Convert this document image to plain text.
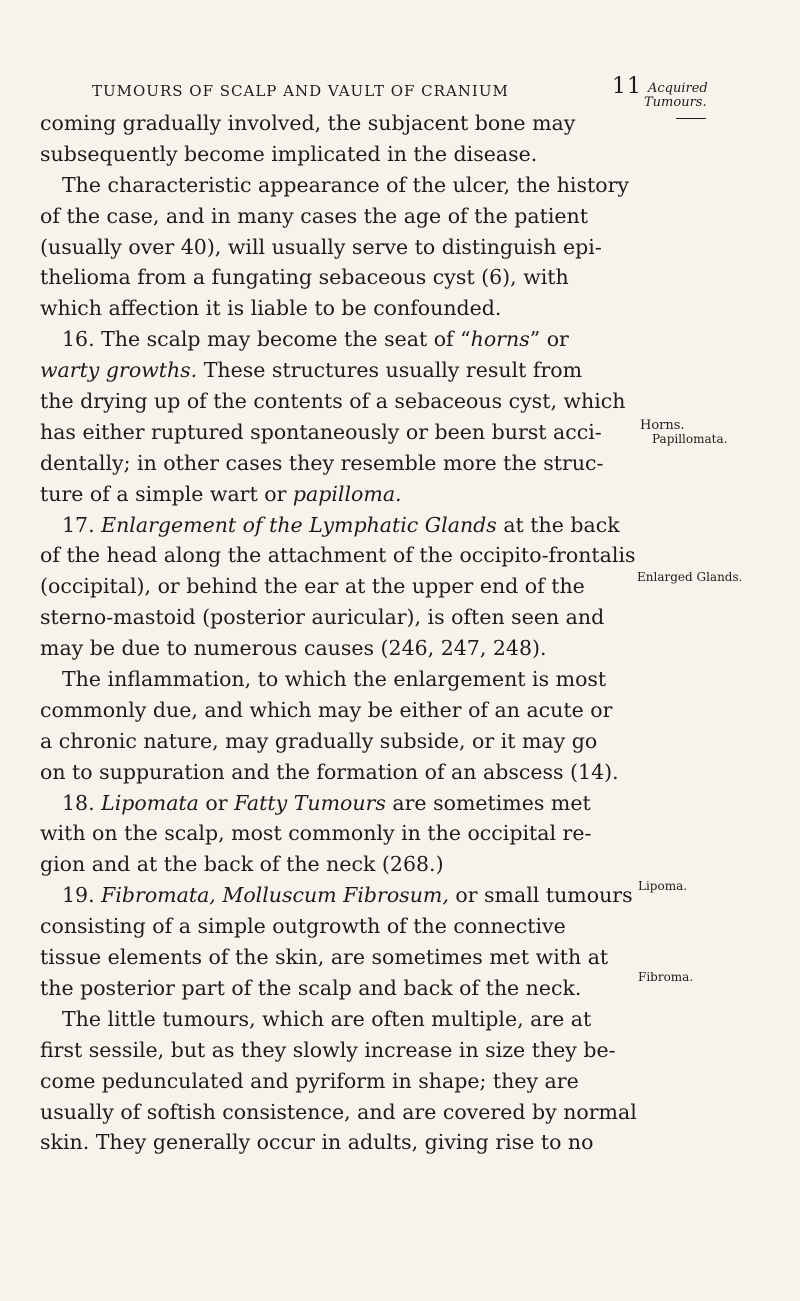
TUMOURS OF SCALP AND VAULT OF CRANIUM	11 Acquired
Tumours.
Horns.
Papillomata.
Enlarged Glands.
Lipoma.
Fibroma.
coming gradually involved, the subjacent bone may
subsequently become implicated in the disease.
The characteristic appearance of the ulcer, the history
of the case, and in many cases the age of the patient
(usually over 40), will usually serve to distinguish epi-
thelioma from a fungating sebaceous cyst (6), with
which affection it is liable to be confounded.
16. The scalp may become the seat of “horns” or
warty growths. These structures usually result from
the drying up of the contents of a sebaceous cyst, which
has either ruptured spontaneously or been burst acci-
dentally; in other cases they resemble more the struc-
ture of a simple wart or papilloma.
17. Enlargement of the Lymphatic Glands at the back
of the head along the attachment of the occipito-frontalis
(occipital), or behind the ear at the upper end of the
sterno-mastoid (posterior auricular), is often seen and
may be due to numerous causes (246, 247, 248).
The inflammation, to which the enlargement is most
commonly due, and which may be either of an acute or
a chronic nature, may gradually subside, or it may go
on to suppuration and the formation of an abscess (14).
18. Lipomata or Fatty Tumours are sometimes met
with on the scalp, most commonly in the occipital re-
gion and at the back of the neck (268.)
19. Fibromata, Molluscum Fibrosum, or small tumours
consisting of a simple outgrowth of the connective
tissue elements of the skin, are sometimes met with at
the posterior part of the scalp and back of the neck.
The little tumours, which are often multiple, are at
first sessile, but as they slowly increase in size they be-
come pedunculated and pyriform in shape; they are
usually of softish consistence, and are covered by normal
skin. They generally occur in adults, giving rise to no
